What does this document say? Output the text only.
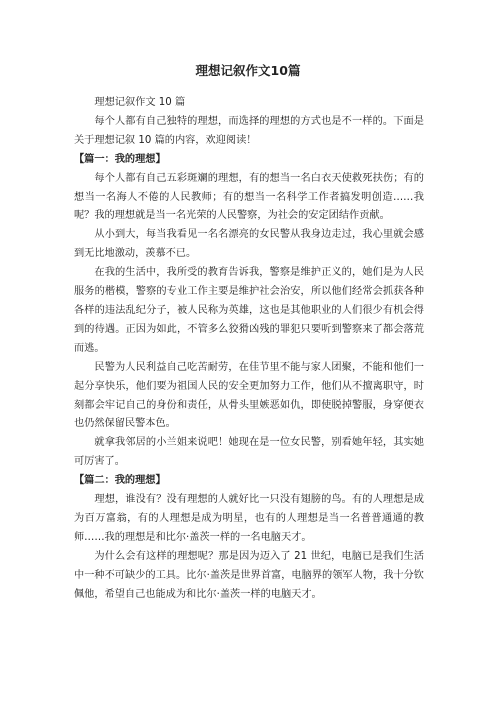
理想记叙作文10篇

理想记叙作文 10 篇

每个人都有自己独特的理想，而选择的理想的方式也是不一样的。下面是关于理想记叙 10 篇的内容，欢迎阅读！

【篇一：我的理想】

每个人都有自己五彩斑斓的理想，有的想当一名白衣天使救死扶伤；有的想当一名海人不倦的人民教师；有的想当一名科学工作者搞发明创造……我呢？我的理想就是当一名光荣的人民警察，为社会的安定团结作贡献。

从小到大，每当我看见一名名漂亮的女民警从我身边走过，我心里就会感到无比地激动，羡慕不已。

在我的生活中，我所受的教育告诉我，警察是维护正义的，她们是为人民服务的楷模，警察的专业工作主要是维护社会治安，所以他们经常会抓获各种各样的违法乱纪分子，被人民称为英雄，这也是其他职业的人们很少有机会得到的待遇。正因为如此，不管多么狡猾凶残的罪犯只要听到警察来了都会落荒而逃。

民警为人民利益自己吃苦耐劳，在佳节里不能与家人团聚，不能和他们一起分享快乐，他们要为祖国人民的安全更加努力工作，他们从不擅离职守，时刻都会牢记自己的身份和责任，从骨头里嫉恶如仇，即使脱掉警服，身穿便衣也仍然保留民警本色。

就拿我邻居的小兰姐来说吧！她现在是一位女民警，别看她年轻，其实她可厉害了。

【篇二：我的理想】

理想，谁没有？没有理想的人就好比一只没有翅膀的鸟。有的人理想是成为百万富翁，有的人理想是成为明星，也有的人理想是当一名普普通通的教师……我的理想是和比尔·盖茨一样的一名电脑天才。

为什么会有这样的理想呢？那是因为迈入了 21 世纪，电脑已是我们生活中一种不可缺少的工具。比尔·盖茨是世界首富，电脑界的领军人物，我十分钦佩他，希望自己也能成为和比尔·盖茨一样的电脑天才。
